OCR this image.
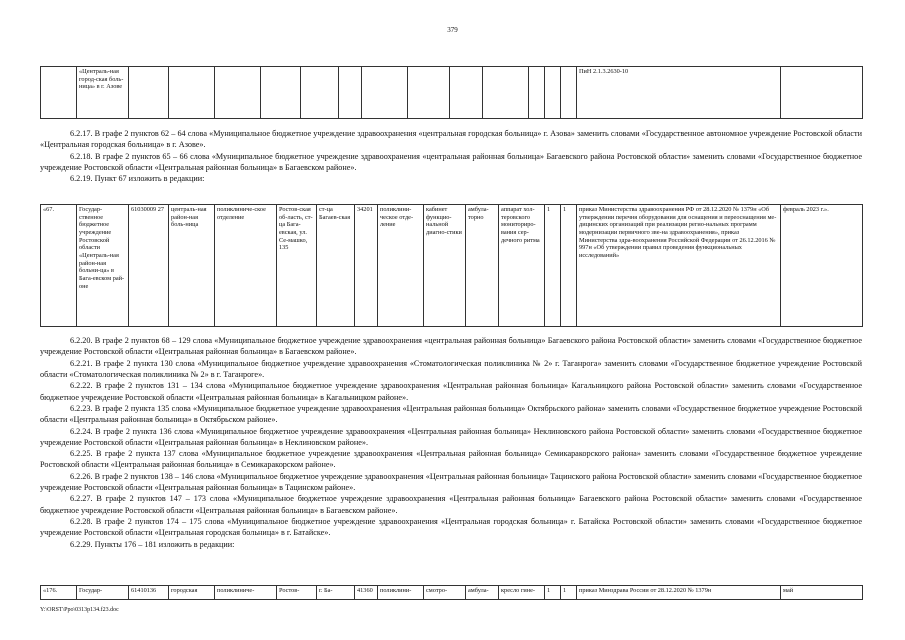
379
	«Централь-ная город-ская боль-ница» в г. Азове														ПиН 2.1.3.2630-10	

6.2.17. В графе 2 пунктов 62 – 64 слова «Муниципальное бюджетное учреждение здравоохранения «центральная городская больница» г. Азова» заменить словами «Государственное автономное учреждение Ростовской области «Центральная городская больница» в г. Азове».

6.2.18. В графе 2 пунктов 65 – 66 слова «Муниципальное бюджетное учреждение здравоохранения «центральная районная больница» Багаевского района Ростовской области» заменить словами «Государственное бюджетное учреждение Ростовской области «Центральная районная больница» в Багаевском районе».

6.2.19. Пункт 67 изложить в редакции:

«67.	Государ-ственное бюджетное учреждение Ростовской области «Централь-ная район-ная больни-ца» в Бага-евском рай-оне	61030009 27	централь-ная район-ная боль-ница	поликлиниче-ское отделение	Ростов-ская об-ласть, ст-ца Бага-евская, ул. Се-машко, 135	ст-ца Багаев-ская	34201	поликлини-ческое отде-ление	кабинет функцио-нальной диагно-стики	амбула-торно	аппарат хол-теровского мониториро-вания сер-дечного ритма	1	1	приказ Министерства здравоохранения РФ от 28.12.2020 № 1379н «Об утверждении перечня оборудования для оснащения и переоснащения ме-дицинских организаций при реализации регио-нальных программ модернизации первичного зве-на здравоохранения», приказ Министерства здра-воохранения Российской Федерации от 26.12.2016 № 997н «Об утверждении правил проведения функциональных исследований»	февраль 2023 г.».

6.2.20. В графе 2 пунктов 68 – 129 слова «Муниципальное бюджетное учреждение здравоохранения «центральная районная больница» Багаевского района Ростовской области» заменить словами «Государственное бюджетное учреждение Ростовской области «Центральная районная больница» в Багаевском районе».

6.2.21. В графе 2 пункта 130 слова «Муниципальное бюджетное учреждение здравоохранения «Стоматологическая поликлиника № 2» г. Таганрога» заменить словами «Государственное бюджетное учреждение Ростовской области «Стоматологическая поликлиника № 2» в г. Таганроге».

6.2.22. В графе 2 пунктов 131 – 134 слова «Муниципальное бюджетное учреждение здравоохранения «Центральная районная больница» Кагальницкого района Ростовской области» заменить словами «Государственное бюджетное учреждение Ростовской области «Центральная районная больница» в Кагальницком районе».

6.2.23. В графе 2 пункта 135 слова «Муниципальное бюджетное учреждение здравоохранения «Центральная районная больница» Октябрьского района» заменить словами «Государственное бюджетное учреждение Ростовской области «Центральная районная больница» в Октябрьском районе».

6.2.24. В графе 2 пункта 136 слова «Муниципальное бюджетное учреждение здравоохранения «Центральная районная больница» Неклиновского района Ростовской области» заменить словами «Государственное бюджетное учреждение Ростовской области «Центральная районная больница» в Неклиновском районе».

6.2.25. В графе 2 пункта 137 слова «Муниципальное бюджетное учреждение здравоохранения «Центральная районная больница» Семикаракорского района» заменить словами «Государственное бюджетное учреждение Ростовской области «Центральная районная больница» в Семикаракорском районе».

6.2.26. В графе 2 пунктов 138 – 146 слова «Муниципальное бюджетное учреждение здравоохранения «Центральная районная больница» Тацинского района Ростовской области» заменить словами «Государственное бюджетное учреждение Ростовской области «Центральная районная больница» в Тацинском районе».

6.2.27. В графе 2 пунктов 147 – 173 слова «Муниципальное бюджетное учреждение здравоохранения «Центральная районная больница» Багаевского района Ростовской области» заменить словами «Государственное бюджетное учреждение Ростовской области «Центральная районная больница» в Багаевском районе».

6.2.28. В графе 2 пунктов 174 – 175 слова «Муниципальное бюджетное учреждение здравоохранения «Центральная городская больница» г. Батайска Ростовской области» заменить словами «Государственное бюджетное учреждение Ростовской области «Центральная городская больница» в г. Батайске».

6.2.29. Пункты 176 – 181 изложить в редакции:

«176.	Государ-	61410136	городская	поликлиниче-	Ростов-	г. Ба-	41360	поликлини-	смотро-	амбула-	кресло гине-	1	1	приказ Минздрава России от 28.12.2020 № 1379н	май
Y:\ORST\Ppo\0313p134.f23.doc
